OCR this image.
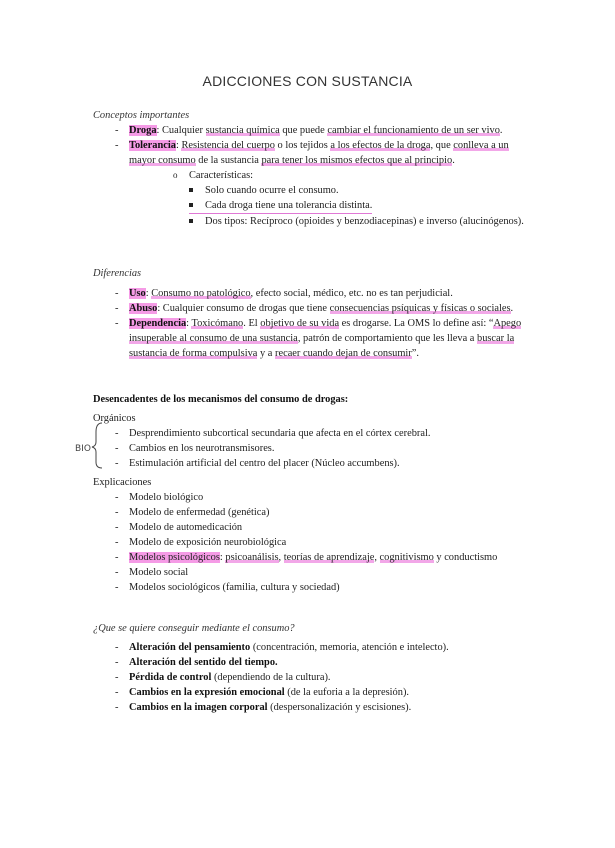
ADICCIONES CON SUSTANCIA
Conceptos importantes
- Droga: Cualquier sustancia química que puede cambiar el funcionamiento de un ser vivo.
- Tolerancia: Resistencia del cuerpo o los tejidos a los efectos de la droga, que conlleva a un mayor consumo de la sustancia para tener los mismos efectos que al principio.
o Características:
Solo cuando ocurre el consumo.
Cada droga tiene una tolerancia distinta.
Dos tipos: Recíproco (opioides y benzodiacepinas) e inverso (alucinógenos).
Diferencias
- Uso: Consumo no patológico, efecto social, médico, etc. no es tan perjudicial.
- Abuso: Cualquier consumo de drogas que tiene consecuencias psíquicas y físicas o sociales.
- Dependencia: Toxicómano. El objetivo de su vida es drogarse. La OMS lo define así: “Apego insuperable al consumo de una sustancia, patrón de comportamiento que les lleva a buscar la sustancia de forma compulsiva y a recaer cuando dejan de consumir”.
Desencadentes de los mecanismos del consumo de drogas:
Orgánicos
- Desprendimiento subcortical secundaria que afecta en el córtex cerebral.
- Cambios en los neurotransmisores.
- Estimulación artificial del centro del placer (Núcleo accumbens).
Explicaciones
- Modelo biológico
- Modelo de enfermedad (genética)
- Modelo de automedicación
- Modelo de exposición neurobiológica
- Modelos psicológicos: psicoanálisis, teorías de aprendizaje, cognitivismo y conductismo
- Modelo social
- Modelos sociológicos (familia, cultura y sociedad)
BIO
¿Que se quiere conseguir mediante el consumo?
- Alteración del pensamiento (concentración, memoria, atención e intelecto).
- Alteración del sentido del tiempo.
- Pérdida de control (dependiendo de la cultura).
- Cambios en la expresión emocional (de la euforia a la depresión).
- Cambios en la imagen corporal (despersonalización y escisiones).
